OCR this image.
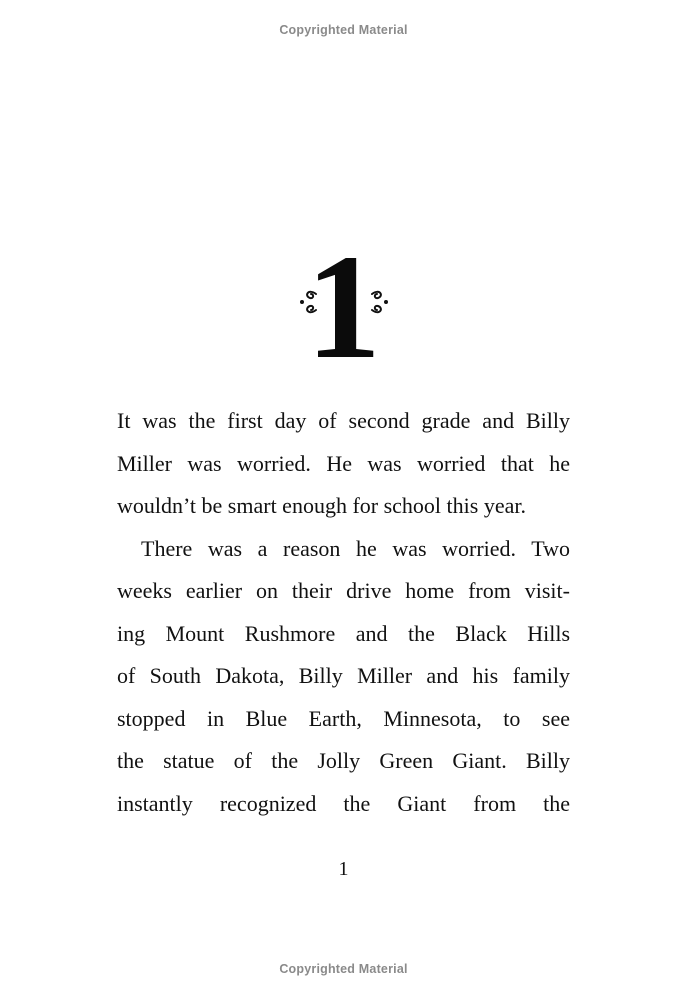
Copyrighted Material
1
It was the first day of second grade and Billy
Miller was worried. He was worried that he
wouldn’t be smart enough for school this year.
There was a reason he was worried. Two
weeks earlier on their drive home from visit-
ing Mount Rushmore and the Black Hills
of South Dakota, Billy Miller and his family
stopped in Blue Earth, Minnesota, to see
the statue of the Jolly Green Giant. Billy
instantly recognized the Giant from the
1
Copyrighted Material
